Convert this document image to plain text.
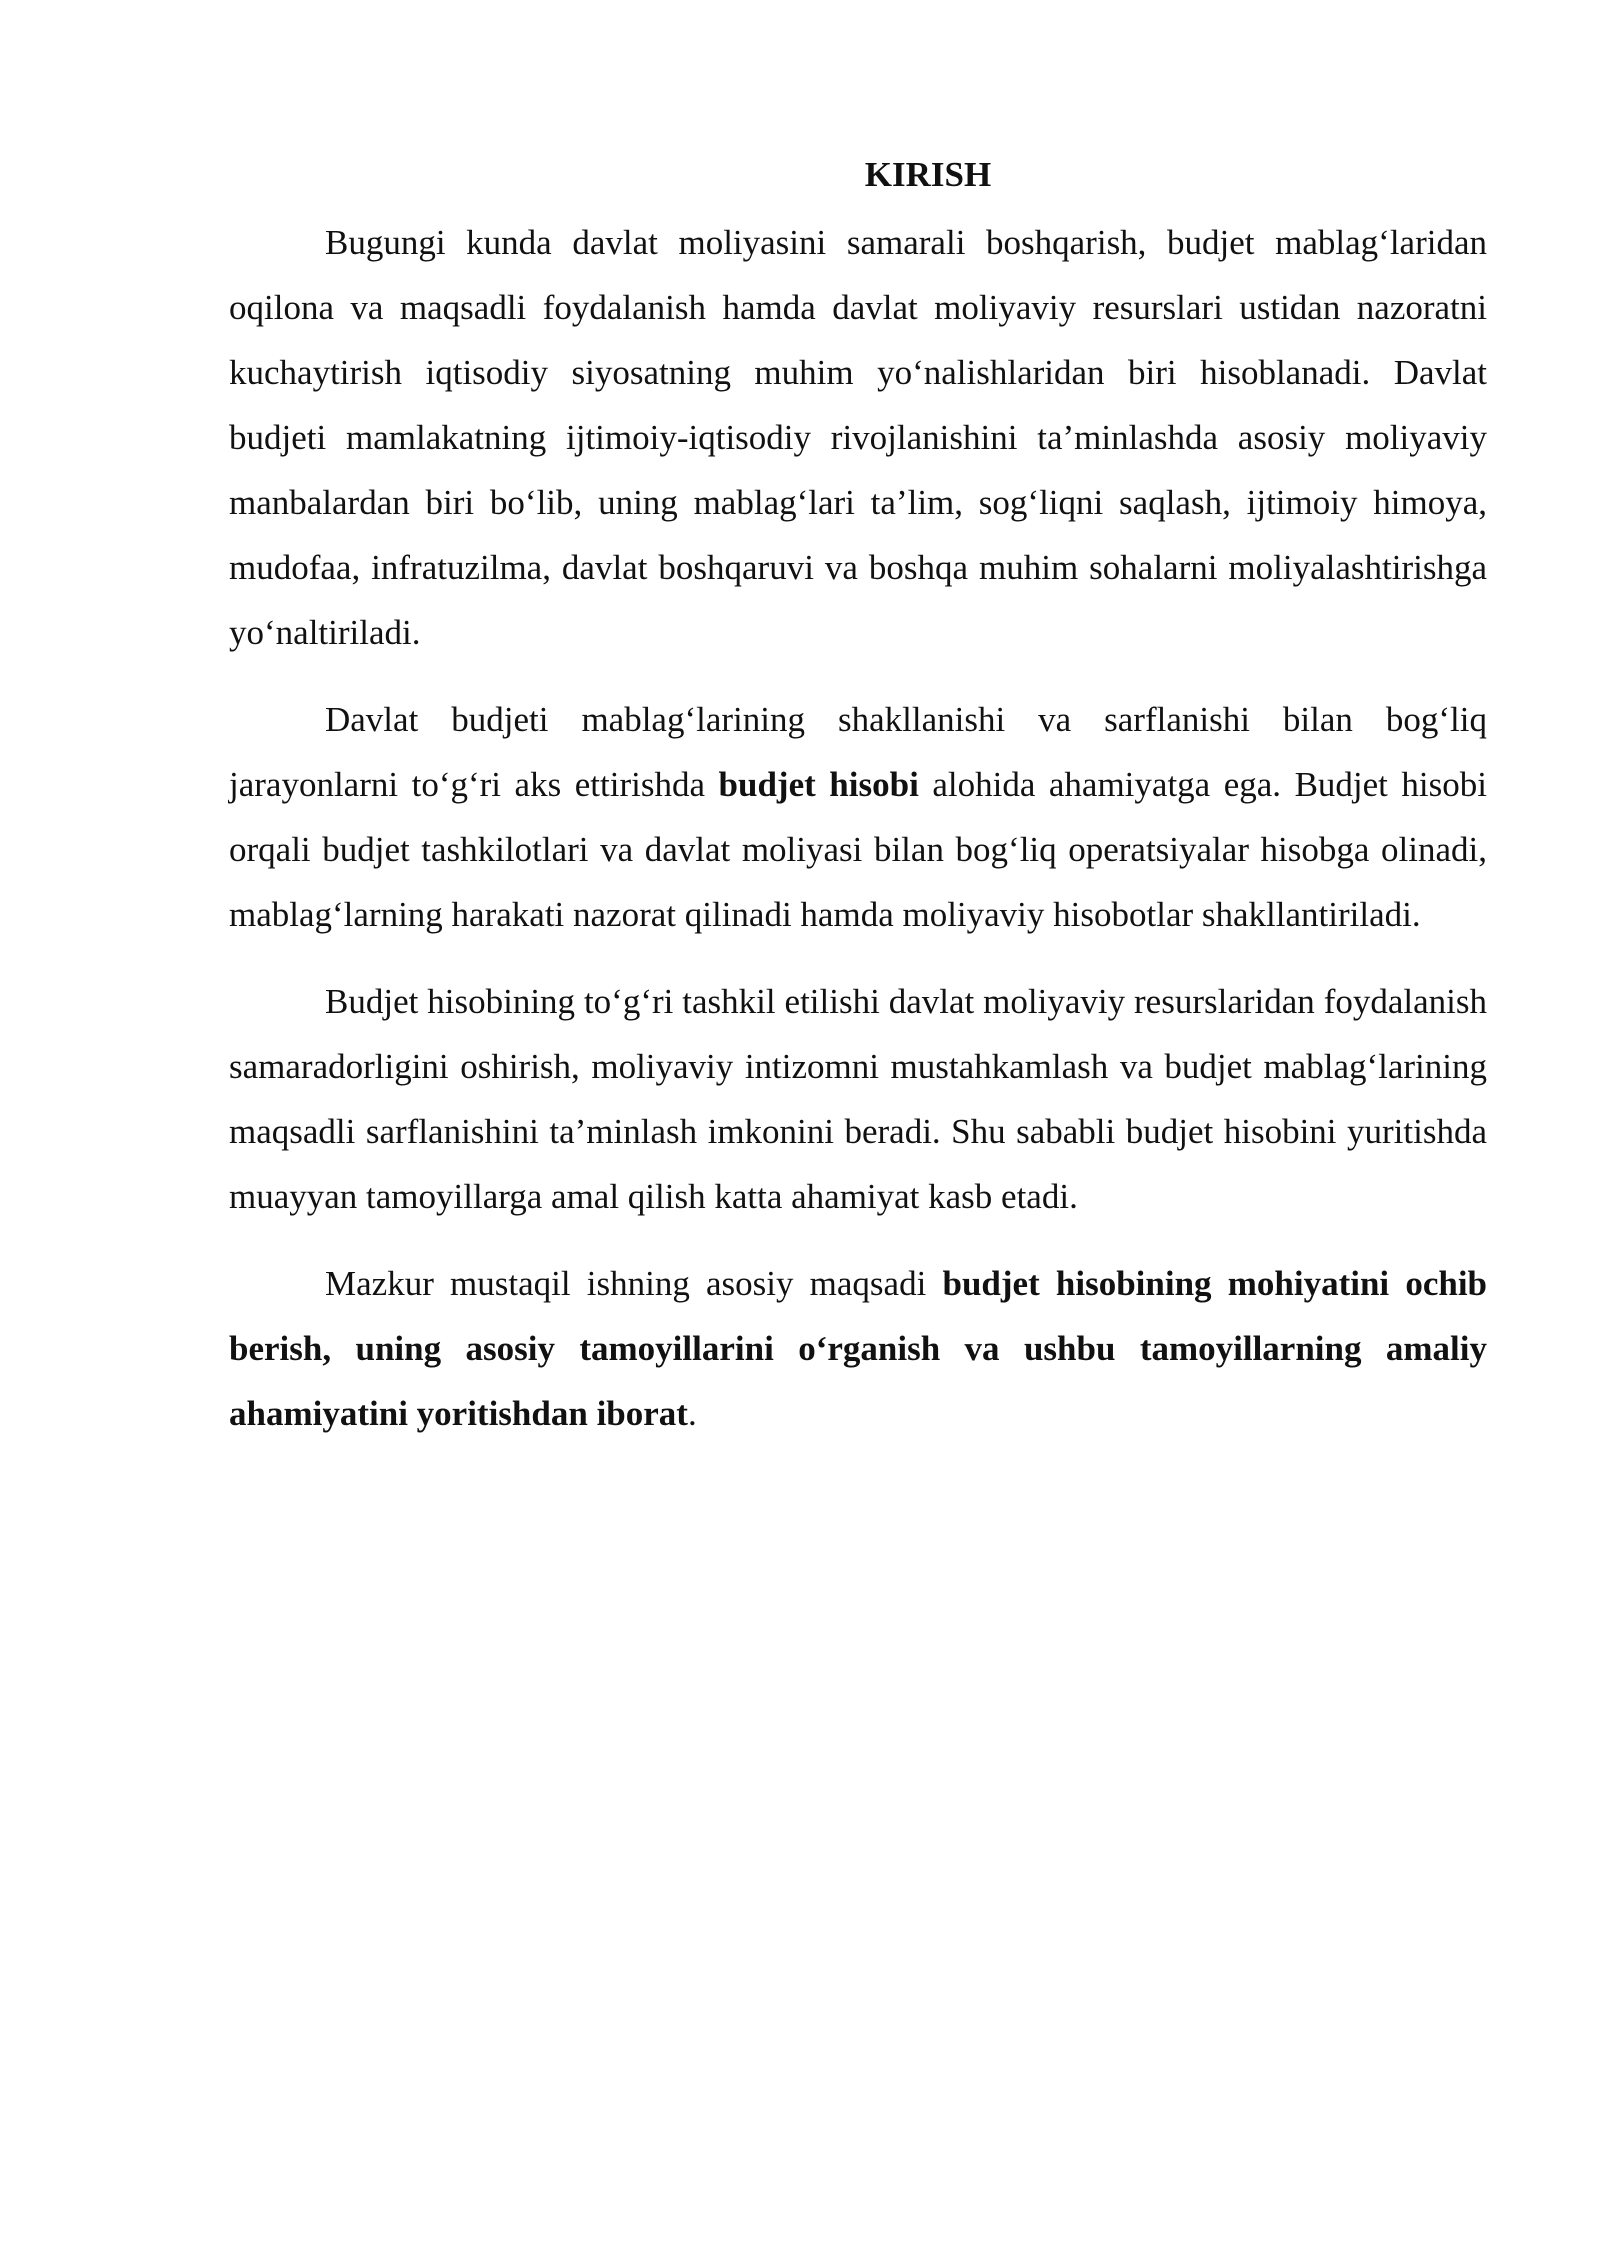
KIRISH

Bugungi kunda davlat moliyasini samarali boshqarish, budjet mablag‘laridan oqilona va maqsadli foydalanish hamda davlat moliyaviy resurslari ustidan nazoratni kuchaytirish iqtisodiy siyosatning muhim yo‘nalishlaridan biri hisoblanadi. Davlat budjeti mamlakatning ijtimoiy-iqtisodiy rivojlanishini ta’minlashda asosiy moliyaviy manbalardan biri bo‘lib, uning mablag‘lari ta’lim, sog‘liqni saqlash, ijtimoiy himoya, mudofaa, infratuzilma, davlat boshqaruvi va boshqa muhim sohalarni moliyalashtirishga yo‘naltiriladi.

Davlat budjeti mablag‘larining shakllanishi va sarflanishi bilan bog‘liq jarayonlarni to‘g‘ri aks ettirishda budjet hisobi alohida ahamiyatga ega. Budjet hisobi orqali budjet tashkilotlari va davlat moliyasi bilan bog‘liq operatsiyalar hisobga olinadi, mablag‘larning harakati nazorat qilinadi hamda moliyaviy hisobotlar shakllantiriladi.

Budjet hisobining to‘g‘ri tashkil etilishi davlat moliyaviy resurslaridan foydalanish samaradorligini oshirish, moliyaviy intizomni mustahkamlash va budjet mablag‘larining maqsadli sarflanishini ta’minlash imkonini beradi. Shu sababli budjet hisobini yuritishda muayyan tamoyillarga amal qilish katta ahamiyat kasb etadi.

Mazkur mustaqil ishning asosiy maqsadi budjet hisobining mohiyatini ochib berish, uning asosiy tamoyillarini o‘rganish va ushbu tamoyillarning amaliy ahamiyatini yoritishdan iborat.
